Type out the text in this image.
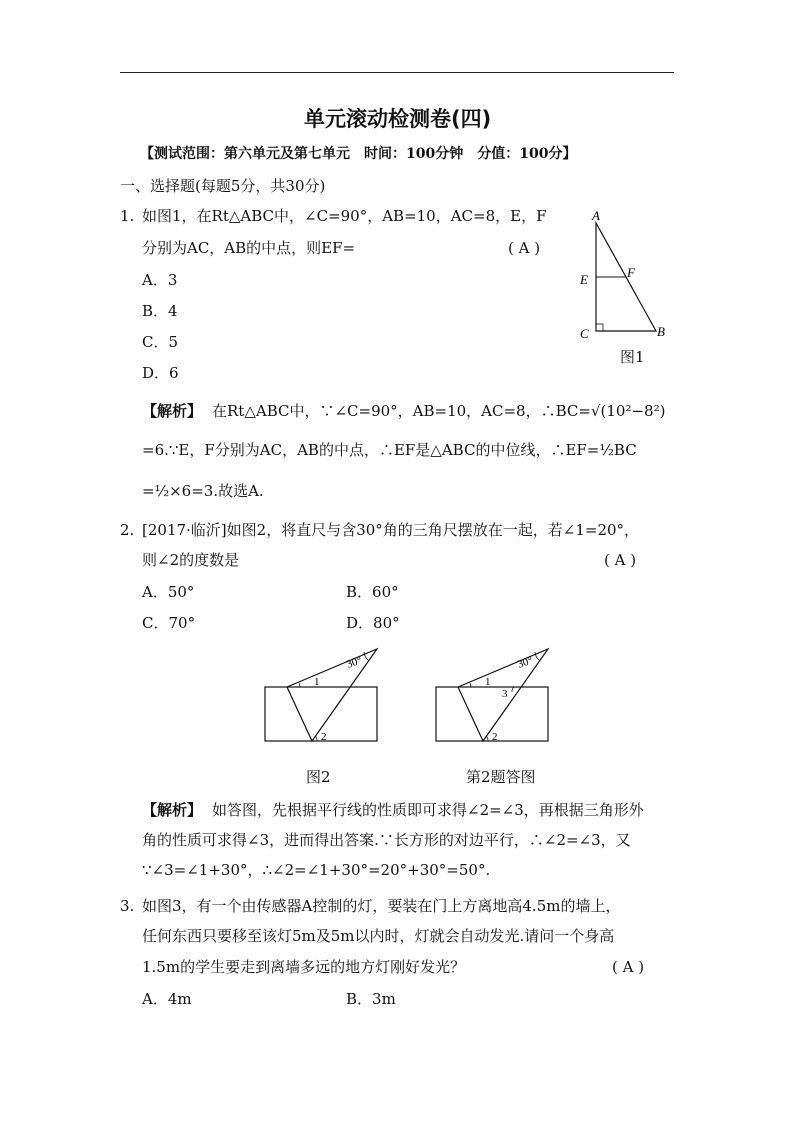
单元滚动检测卷(四)
【测试范围：第六单元及第七单元　时间：100分钟　分值：100分】
一、选择题(每题5分，共30分)
1. 如图1，在Rt△ABC中，∠C=90°，AB=10，AC=8，E，F
分别为AC，AB的中点，则EF=	( A )
A．3
B．4
C．5
D．6
A
E	F
C	B
图1
【解析】 在Rt△ABC中，∵∠C=90°，AB=10，AC=8，∴BC=√(10²−8²)
=6.∵E，F分别为AC，AB的中点，∴EF是△ABC的中位线，∴EF=½BC
=½×6=3.故选A.
2. [2017·临沂]如图2，将直尺与含30°角的三角尺摆放在一起，若∠1=20°，
则∠2的度数是	( A )
A．50°	B．60°
C．70°	D．80°
30°
1
2
30°
1
3
2
图2	第2题答图
【解析】 如答图，先根据平行线的性质即可求得∠2=∠3，再根据三角形外
角的性质可求得∠3，进而得出答案.∵长方形的对边平行，∴∠2=∠3，又
∵∠3=∠1+30°，∴∠2=∠1+30°=20°+30°=50°.
3. 如图3，有一个由传感器A控制的灯，要装在门上方离地高4.5m的墙上，
任何东西只要移至该灯5m及5m以内时，灯就会自动发光.请问一个身高
1.5m的学生要走到离墙多远的地方灯刚好发光？	( A )
A．4m	B．3m
